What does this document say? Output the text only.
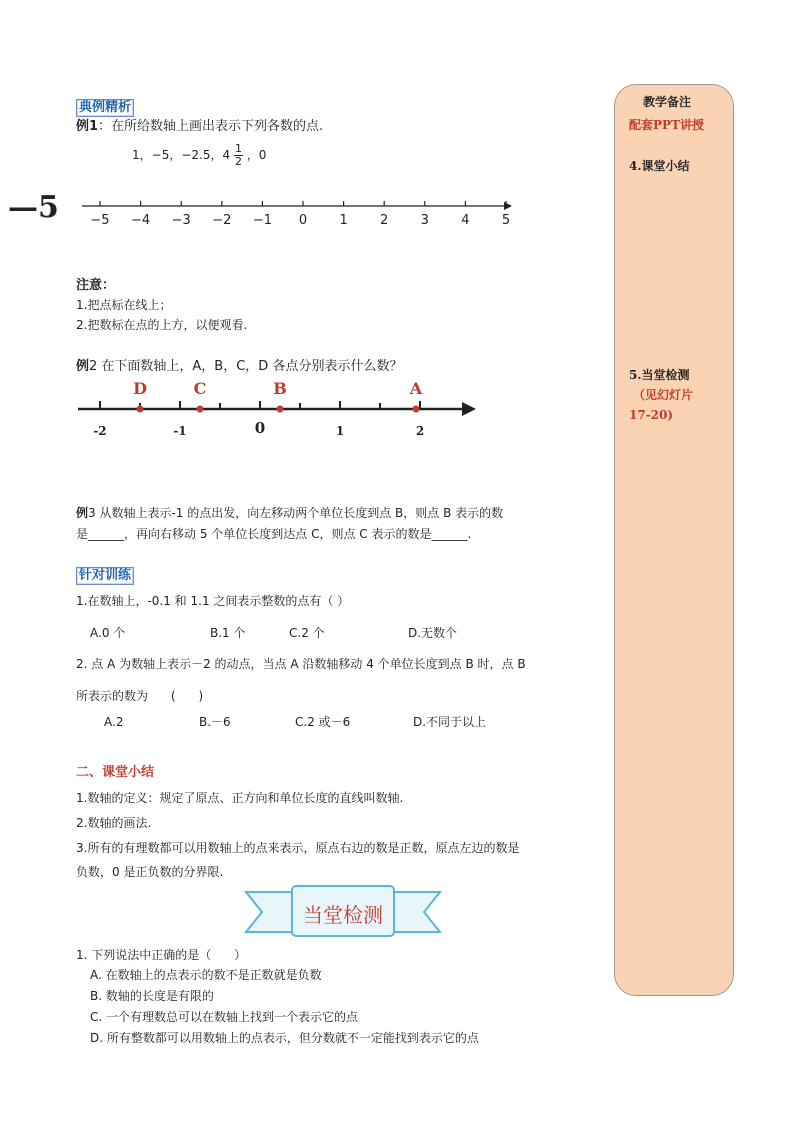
教学备注
配套PPT讲授
4.课堂小结
5.当堂检测
（见幻灯片
17-20)
—5
典例精析
例1：在所给数轴上画出表示下列各数的点.
1，−5，−2.5，$4 \frac{1}{2}$ ，0
−5 −4 −3 −2 −1 0 1 2 3 4 5
注意：
1.把点标在线上；
2.把数标在点的上方，以便观看.
例2 在下面数轴上，A，B，C，D 各点分别表示什么数？
-2	-1	0	1	2
D	C	B	A
例3 从数轴上表示-1 的点出发，向左移动两个单位长度到点 B，则点 B 表示的数
是______，再向右移动 5 个单位长度到达点 C，则点 C 表示的数是______.
针对训练
1.在数轴上，-0.1 和 1.1 之间表示整数的点有（ ）
A.0 个	B.1 个	C.2 个	D.无数个
2. 点 A 为数轴上表示－2 的动点，当点 A 沿数轴移动 4 个单位长度到点 B 时，点 B
所表示的数为      (      )
A.2	B.－6	C.2 或－6	D.不同于以上
二、课堂小结
1.数轴的定义：规定了原点、正方向和单位长度的直线叫数轴.
2.数轴的画法.
3.所有的有理数都可以用数轴上的点来表示，原点右边的数是正数，原点左边的数是
负数，0 是正负数的分界限.
当堂检测
1. 下列说法中正确的是（      ）
A. 在数轴上的点表示的数不是正数就是负数
B. 数轴的长度是有限的
C. 一个有理数总可以在数轴上找到一个表示它的点
D. 所有整数都可以用数轴上的点表示，但分数就不一定能找到表示它的点
